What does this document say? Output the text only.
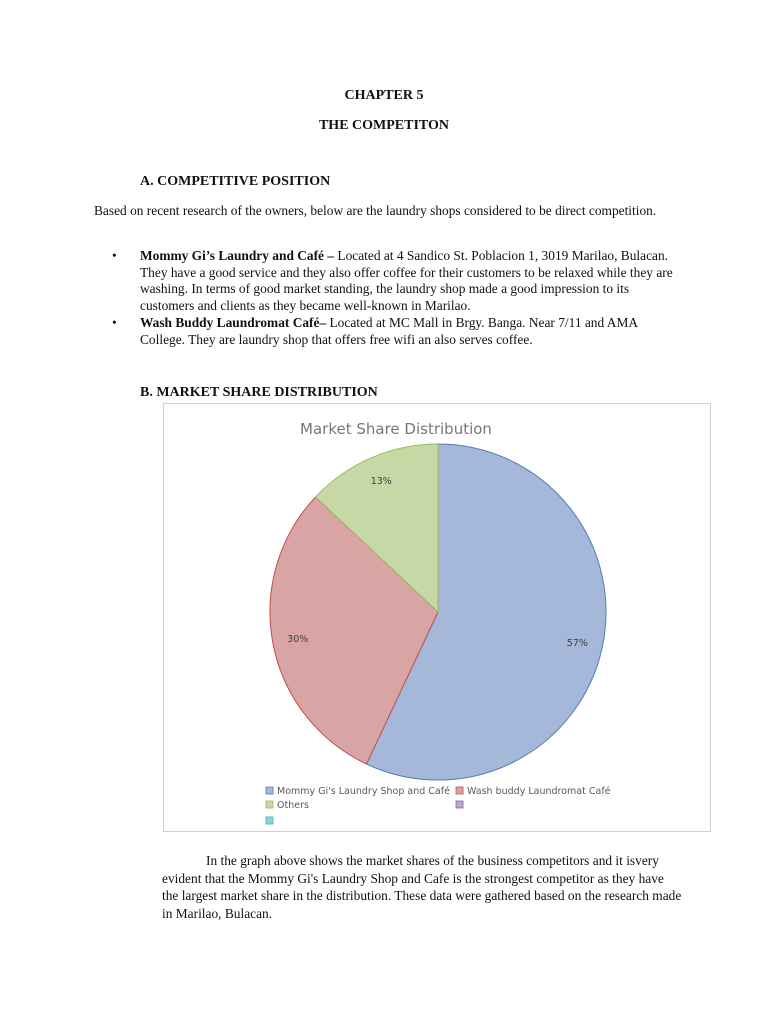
CHAPTER 5
THE COMPETITON
A. COMPETITIVE POSITION
Based on recent research of the owners, below are the laundry shops considered to be direct competition.
•	Mommy Gi’s Laundry and Café – Located at 4 Sandico St. Poblacion 1, 3019 Marilao, Bulacan. They have a good service and they also offer coffee for their customers to be relaxed while they are washing. In terms of good market standing, the laundry shop made a good impression to its customers and clients as they became well-known in Marilao.
•	Wash Buddy Laundromat Café– Located at MC Mall in Brgy. Banga. Near 7/11 and AMA College. They are laundry shop that offers free wifi an also serves coffee.
B. MARKET SHARE DISTRIBUTION
Market Share Distribution
57%
30%
13%
Mommy Gi's Laundry Shop and Café Wash buddy Laundromat Café
Others
In the graph above shows the market shares of the business competitors and it isvery evident that the Mommy Gi's Laundry Shop and Cafe is the strongest competitor as they have the largest market share in the distribution. These data were gathered based on the research made in Marilao, Bulacan.
